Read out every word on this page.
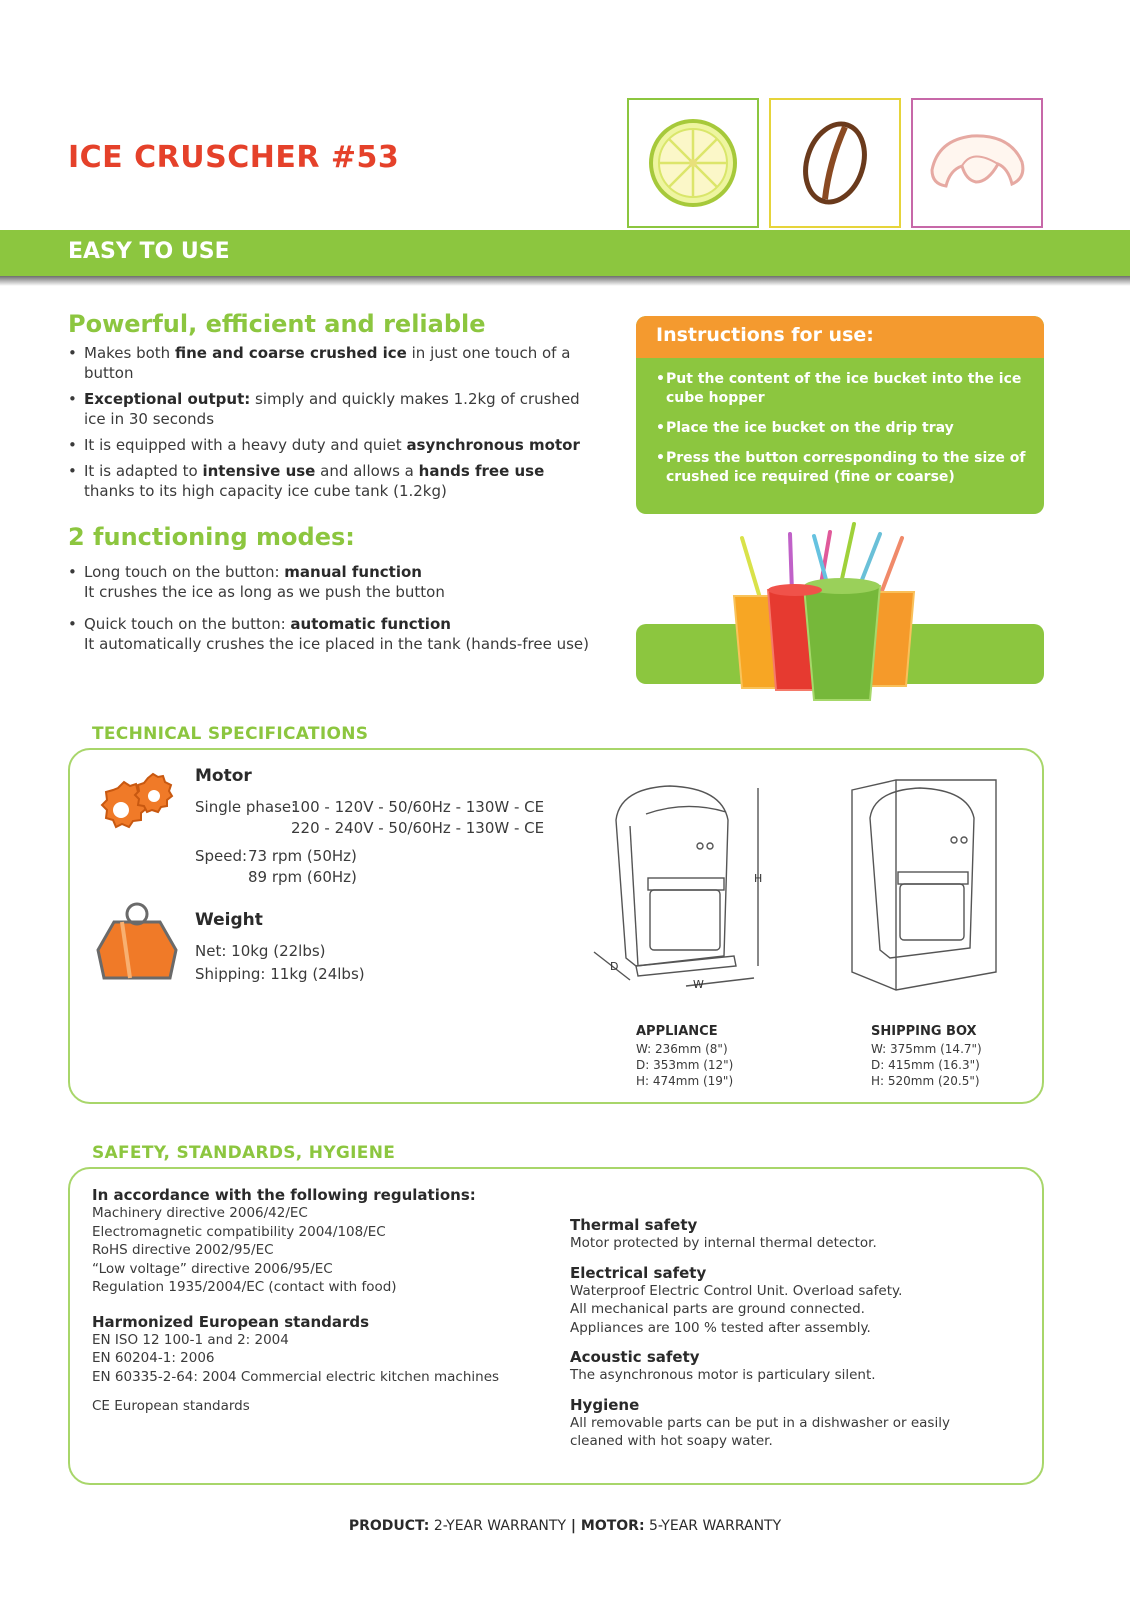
ICE CRUSCHER #53
EASY TO USE
Powerful, efficient and reliable
• Makes both fine and coarse crushed ice in just one touch of a button
• Exceptional output: simply and quickly makes 1.2kg of crushed ice in 30 seconds
• It is equipped with a heavy duty and quiet asynchronous motor
• It is adapted to intensive use and allows a hands free use thanks to its high capacity ice cube tank (1.2kg)
2 functioning modes:
• Long touch on the button: manual function
It crushes the ice as long as we push the button
• Quick touch on the button: automatic function
It automatically crushes the ice placed in the tank (hands-free use)
Instructions for use:
• Put the content of the ice bucket into the ice cube hopper
• Place the ice bucket on the drip tray
• Press the button corresponding to the size of crushed ice required (fine or coarse)
TECHNICAL SPECIFICATIONS
Motor
Single phase:
100 - 120V - 50/60Hz - 130W - CE

220 - 240V - 50/60Hz - 130W - CE
Speed: 73 rpm (50Hz)

89 rpm (60Hz)
Weight
Net: 10kg (22lbs)
Shipping: 11kg (24lbs)
H
D
W
APPLIANCE
W: 236mm (8")
D: 353mm (12")
H: 474mm (19")
SHIPPING BOX
W: 375mm (14.7")
D: 415mm (16.3")
H: 520mm (20.5")
SAFETY, STANDARDS, HYGIENE
In accordance with the following regulations:
Machinery directive 2006/42/EC
Electromagnetic compatibility 2004/108/EC
RoHS directive 2002/95/EC
“Low voltage” directive 2006/95/EC
Regulation 1935/2004/EC (contact with food)
Harmonized European standards
EN ISO 12 100-1 and 2: 2004
EN 60204-1: 2006
EN 60335-2-64: 2004 Commercial electric kitchen machines
CE European standards
Thermal safety
Motor protected by internal thermal detector.
Electrical safety
Waterproof Electric Control Unit. Overload safety.
All mechanical parts are ground connected.
Appliances are 100 % tested after assembly.
Acoustic safety
The asynchronous motor is particulary silent.
Hygiene
All removable parts can be put in a dishwasher or easily
cleaned with hot soapy water.
PRODUCT: 2-YEAR WARRANTY | MOTOR: 5-YEAR WARRANTY
